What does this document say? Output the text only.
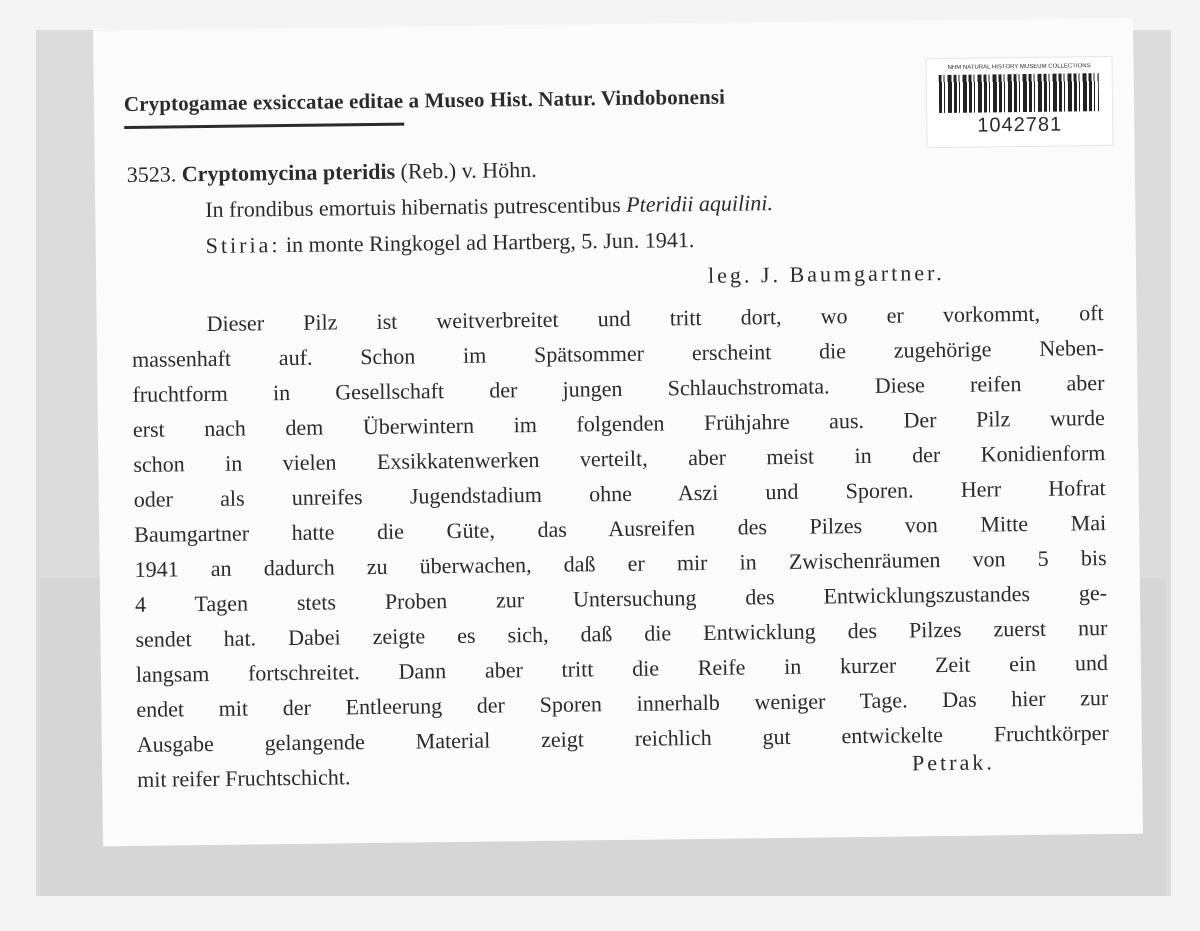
Cryptogamae exsiccatae editae a Museo Hist. Natur. Vindobonensi
NHM NATURAL HISTORY MUSEUM COLLECTIONS
1042781
3523. Cryptomycina pteridis (Reb.) v. Höhn.
In frondibus emortuis hibernatis putrescentibus Pteridii aquilini.
Stiria: in monte Ringkogel ad Hartberg, 5. Jun. 1941.
leg. J. Baumgartner.
Dieser Pilz ist weitverbreitet und tritt dort, wo er vorkommt, oft
massenhaft auf. Schon im Spätsommer erscheint die zugehörige Neben-
fruchtform in Gesellschaft der jungen Schlauchstromata. Diese reifen aber
erst nach dem Überwintern im folgenden Frühjahre aus. Der Pilz wurde
schon in vielen Exsikkatenwerken verteilt, aber meist in der Konidienform
oder als unreifes Jugendstadium ohne Aszi und Sporen. Herr Hofrat
Baumgartner hatte die Güte, das Ausreifen des Pilzes von Mitte Mai
1941 an dadurch zu überwachen, daß er mir in Zwischenräumen von 5 bis
4 Tagen stets Proben zur Untersuchung des Entwicklungszustandes ge-
sendet hat. Dabei zeigte es sich, daß die Entwicklung des Pilzes zuerst nur
langsam fortschreitet. Dann aber tritt die Reife in kurzer Zeit ein und
endet mit der Entleerung der Sporen innerhalb weniger Tage. Das hier zur
Ausgabe gelangende Material zeigt reichlich gut entwickelte Fruchtkörper
mit reifer Fruchtschicht.
Petrak.
